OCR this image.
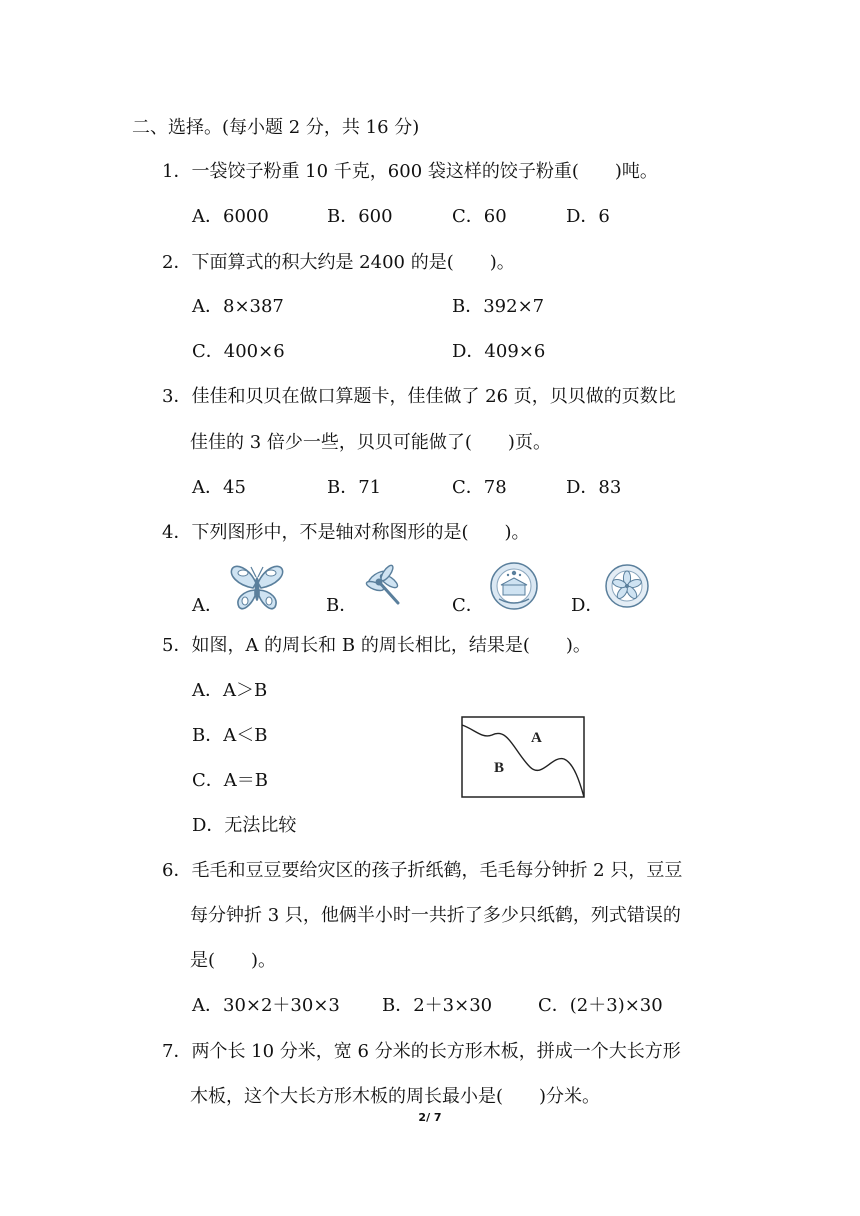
二、选择。(每小题 2 分，共 16 分)
1．一袋饺子粉重 10 千克，600 袋这样的饺子粉重(　　)吨。
A．6000	B．600	C．60	D．6
2．下面算式的积大约是 2400 的是(　　)。
A．8×387	B．392×7
C．400×6	D．409×6
3．佳佳和贝贝在做口算题卡，佳佳做了 26 页，贝贝做的页数比
佳佳的 3 倍少一些，贝贝可能做了(　　)页。
A．45	B．71	C．78	D．83
4．下列图形中，不是轴对称图形的是(　　)。
A．	B．	C．	D．
5．如图，A 的周长和 B 的周长相比，结果是(　　)。
A．A＞B
B．A＜B
C．A＝B
D．无法比较
A
B
6．毛毛和豆豆要给灾区的孩子折纸鹤，毛毛每分钟折 2 只，豆豆
每分钟折 3 只，他俩半小时一共折了多少只纸鹤，列式错误的
是(　　)。
A．30×2＋30×3 B．2＋3×30	C．(2＋3)×30
7．两个长 10 分米，宽 6 分米的长方形木板，拼成一个大长方形
木板，这个大长方形木板的周长最小是(　　)分米。
2/ 7
